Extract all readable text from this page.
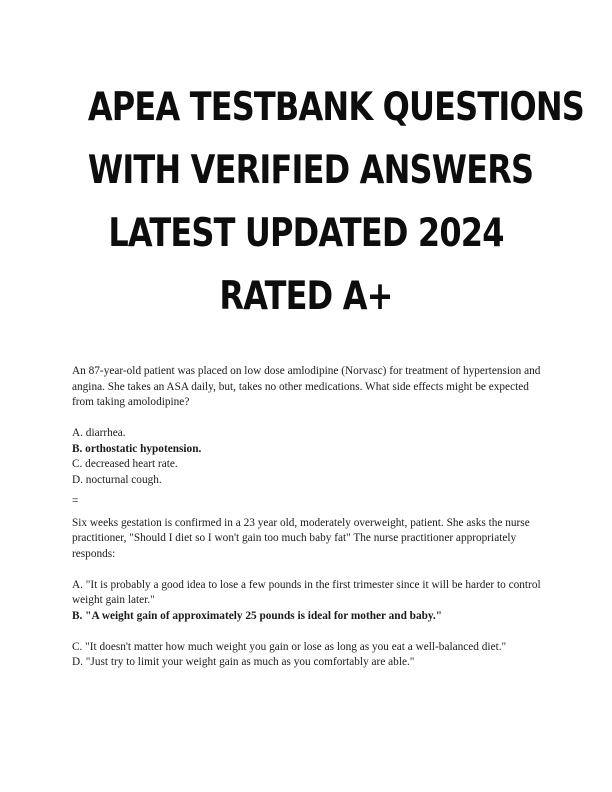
APEA TESTBANK QUESTIONS
WITH VERIFIED ANSWERS
LATEST UPDATED 2024
RATED A+

An 87-year-old patient was placed on low dose amlodipine (Norvasc) for treatment of hypertension and angina. She takes an ASA daily, but, takes no other medications. What side effects might be expected from taking amolodipine?

A. diarrhea.
B. orthostatic hypotension.
C. decreased heart rate.
D. nocturnal cough.
=

Six weeks gestation is confirmed in a 23 year old, moderately overweight, patient. She asks the nurse practitioner, "Should I diet so I won't gain too much baby fat" The nurse practitioner appropriately responds:

A. "It is probably a good idea to lose a few pounds in the first trimester since it will be harder to control weight gain later."
B. "A weight gain of approximately 25 pounds is ideal for mother and baby."
C. "It doesn't matter how much weight you gain or lose as long as you eat a well-balanced diet."
D. "Just try to limit your weight gain as much as you comfortably are able."
